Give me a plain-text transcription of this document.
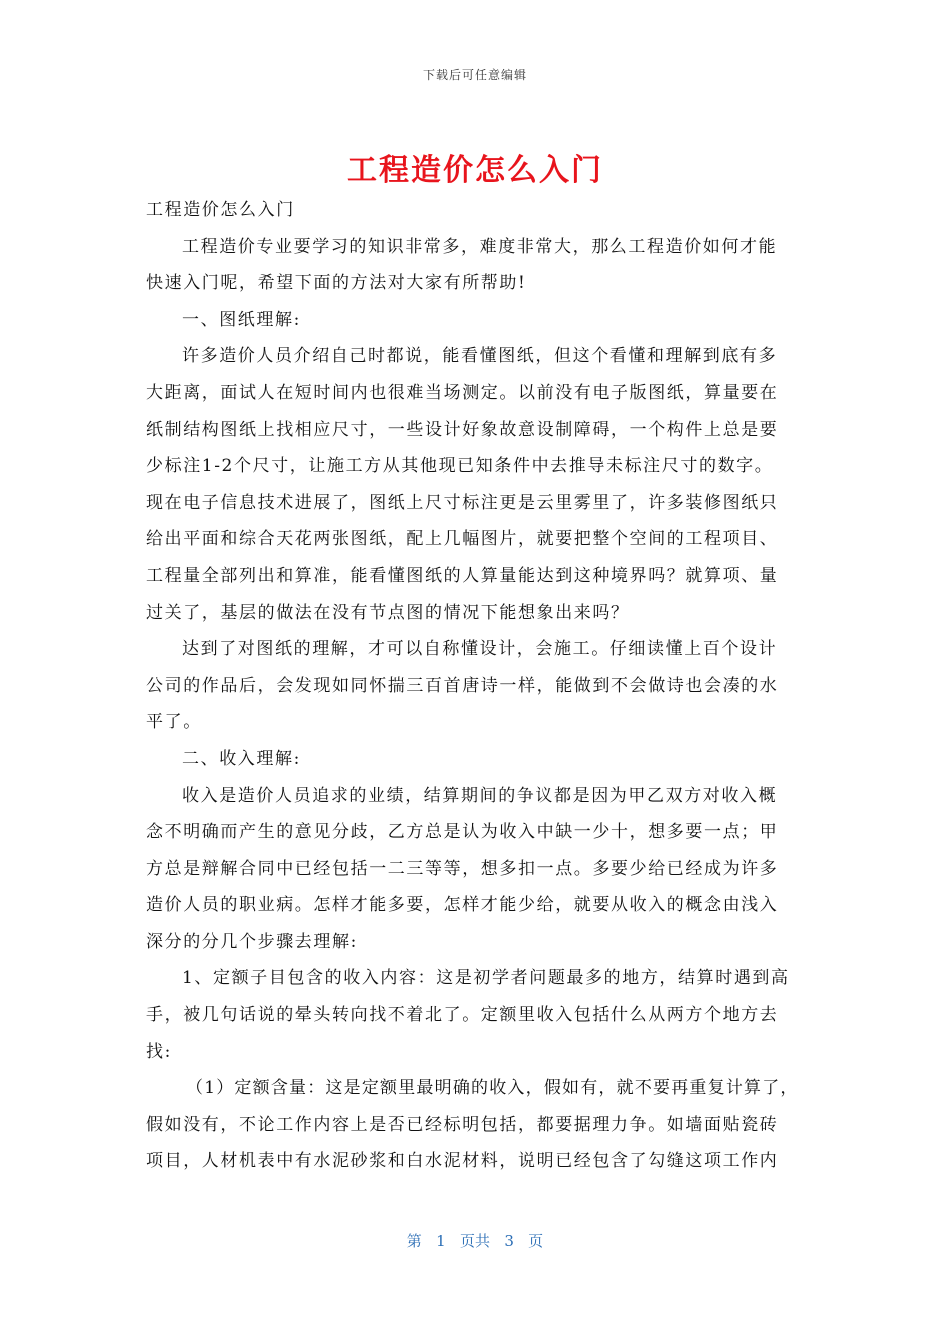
下载后可任意编辑
工程造价怎么入门
工程造价怎么入门
工程造价专业要学习的知识非常多，难度非常大，那么工程造价如何才能
快速入门呢，希望下面的方法对大家有所帮助!
一、图纸理解:
许多造价人员介绍自己时都说，能看懂图纸，但这个看懂和理解到底有多
大距离，面试人在短时间内也很难当场测定。以前没有电子版图纸，算量要在
纸制结构图纸上找相应尺寸，一些设计好象故意设制障碍，一个构件上总是要
少标注1-2个尺寸，让施工方从其他现已知条件中去推导未标注尺寸的数字。
现在电子信息技术进展了，图纸上尺寸标注更是云里雾里了，许多装修图纸只
给出平面和综合天花两张图纸，配上几幅图片，就要把整个空间的工程项目、
工程量全部列出和算准，能看懂图纸的人算量能达到这种境界吗？就算项、量
过关了，基层的做法在没有节点图的情况下能想象出来吗？
达到了对图纸的理解，才可以自称懂设计，会施工。仔细读懂上百个设计
公司的作品后，会发现如同怀揣三百首唐诗一样，能做到不会做诗也会凑的水
平了。
二、收入理解:
收入是造价人员追求的业绩，结算期间的争议都是因为甲乙双方对收入概
念不明确而产生的意见分歧，乙方总是认为收入中缺一少十，想多要一点；甲
方总是辩解合同中已经包括一二三等等，想多扣一点。多要少给已经成为许多
造价人员的职业病。怎样才能多要，怎样才能少给，就要从收入的概念由浅入
深分的分几个步骤去理解:
1、定额子目包含的收入内容：这是初学者问题最多的地方，结算时遇到高
手，被几句话说的晕头转向找不着北了。定额里收入包括什么从两方个地方去
找:
（1）定额含量：这是定额里最明确的收入，假如有，就不要再重复计算了，
假如没有，不论工作内容上是否已经标明包括，都要据理力争。如墙面贴瓷砖
项目，人材机表中有水泥砂浆和白水泥材料，说明已经包含了勾缝这项工作内
第 1 页共 3 页
